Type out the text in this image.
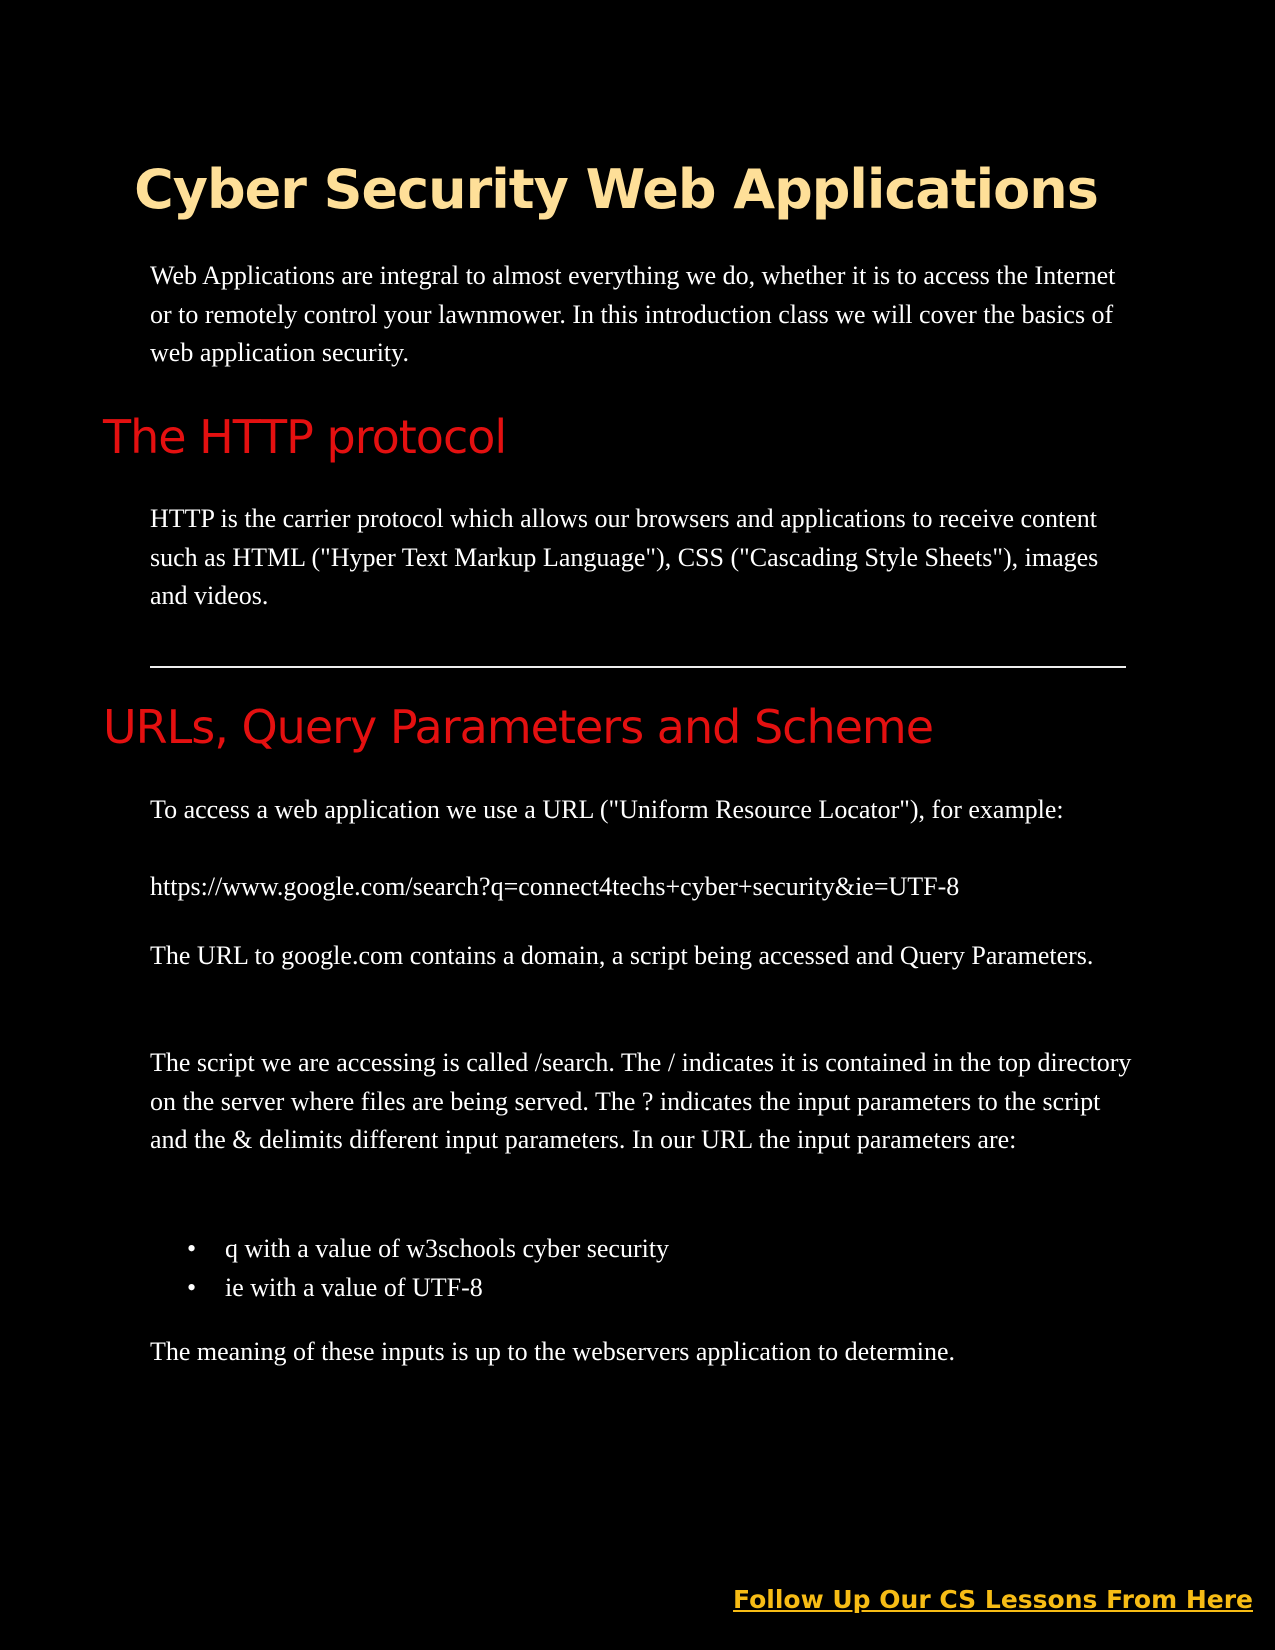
Cyber Security Web Applications

Web Applications are integral to almost everything we do, whether it is to access the Internet or to remotely control your lawnmower. In this introduction class we will cover the basics of web application security.

The HTTP protocol

HTTP is the carrier protocol which allows our browsers and applications to receive content such as HTML ("Hyper Text Markup Language"), CSS ("Cascading Style Sheets"), images and videos.

URLs, Query Parameters and Scheme

To access a web application we use a URL ("Uniform Resource Locator"), for example:

https://www.google.com/search?q=connect4techs+cyber+security&ie=UTF-8

The URL to google.com contains a domain, a script being accessed and Query Parameters.

The script we are accessing is called /search. The / indicates it is contained in the top directory on the server where files are being served. The ? indicates the input parameters to the script and the & delimits different input parameters. In our URL the input parameters are:

• q with a value of w3schools cyber security
• ie with a value of UTF-8

The meaning of these inputs is up to the webservers application to determine.

Follow Up Our CS Lessons From Here
